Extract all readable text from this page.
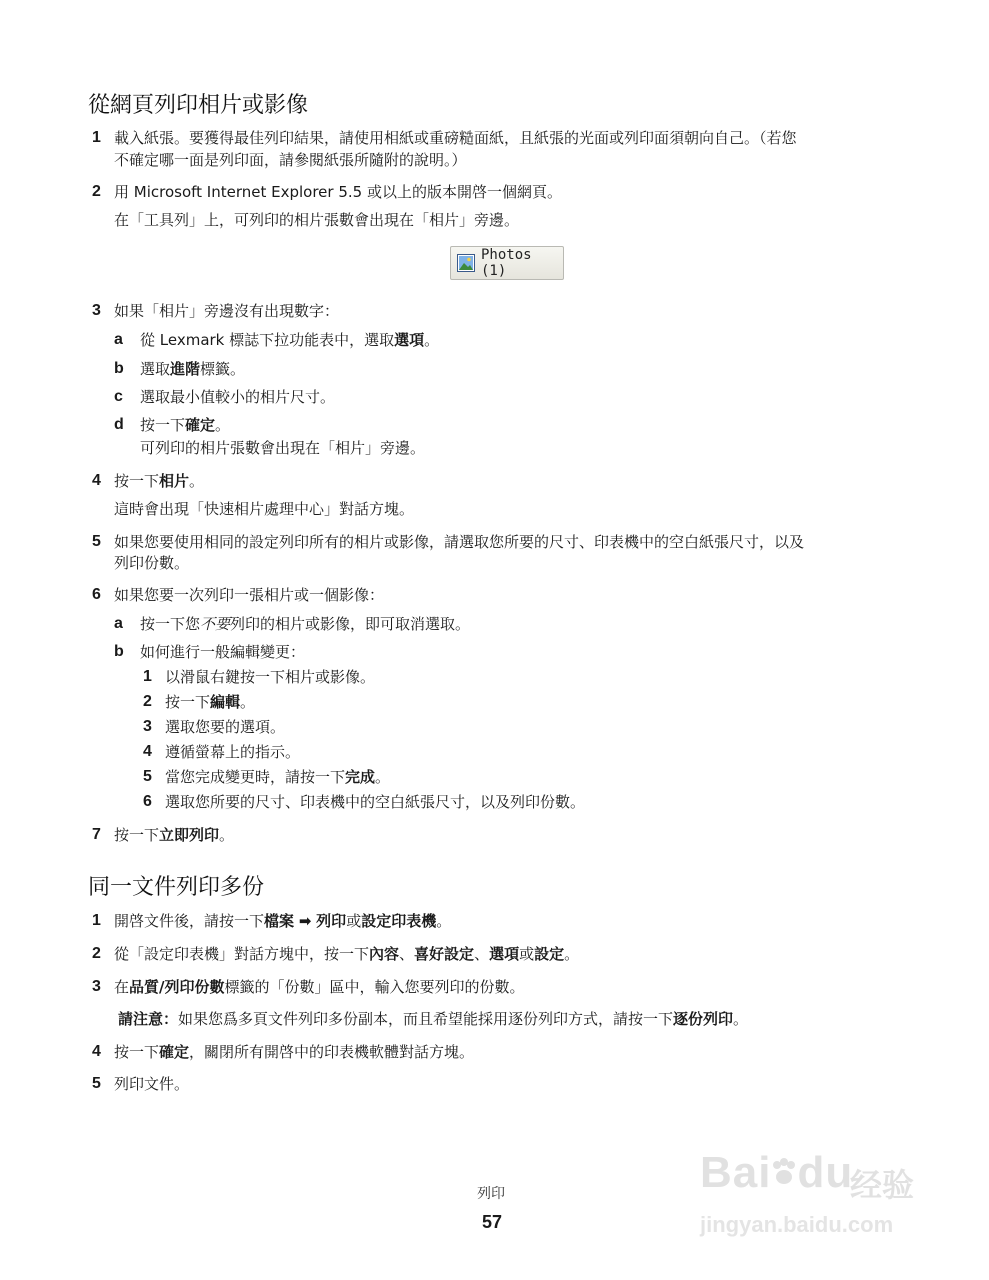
從網頁列印相片或影像
1 載入紙張。要獲得最佳列印結果，請使用相紙或重磅糙面紙，且紙張的光面或列印面須朝向自己。（若您
不確定哪一面是列印面，請參閱紙張所隨附的說明。）
2 用 Microsoft Internet Explorer 5.5 或以上的版本開啓一個網頁。
在「工具列」上，可列印的相片張數會出現在「相片」旁邊。
Photos (1)
3 如果「相片」旁邊沒有出現數字：
a 從 Lexmark 標誌下拉功能表中，選取選項。
b 選取進階標籤。
c 選取最小值較小的相片尺寸。
d 按一下確定。
可列印的相片張數會出現在「相片」旁邊。
4 按一下相片。
這時會出現「快速相片處理中心」對話方塊。
5 如果您要使用相同的設定列印所有的相片或影像，請選取您所要的尺寸、印表機中的空白紙張尺寸，以及
列印份數。
6 如果您要一次列印一張相片或一個影像：
a 按一下您不要列印的相片或影像，即可取消選取。
b 如何進行一般編輯變更：
1 以滑鼠右鍵按一下相片或影像。
2 按一下編輯。
3 選取您要的選項。
4 遵循螢幕上的指示。
5 當您完成變更時，請按一下完成。
6 選取您所要的尺寸、印表機中的空白紙張尺寸，以及列印份數。
7 按一下立即列印。
同一文件列印多份
1 開啓文件後，請按一下檔案 ➡ 列印或設定印表機。
2 從「設定印表機」對話方塊中，按一下內容、喜好設定、選項或設定。
3 在品質/列印份數標籤的「份數」區中，輸入您要列印的份數。
請注意：如果您爲多頁文件列印多份副本，而且希望能採用逐份列印方式，請按一下逐份列印。
4 按一下確定，關閉所有開啓中的印表機軟體對話方塊。
5 列印文件。
列印
57
Bai du
经验
jingyan.baidu.com
